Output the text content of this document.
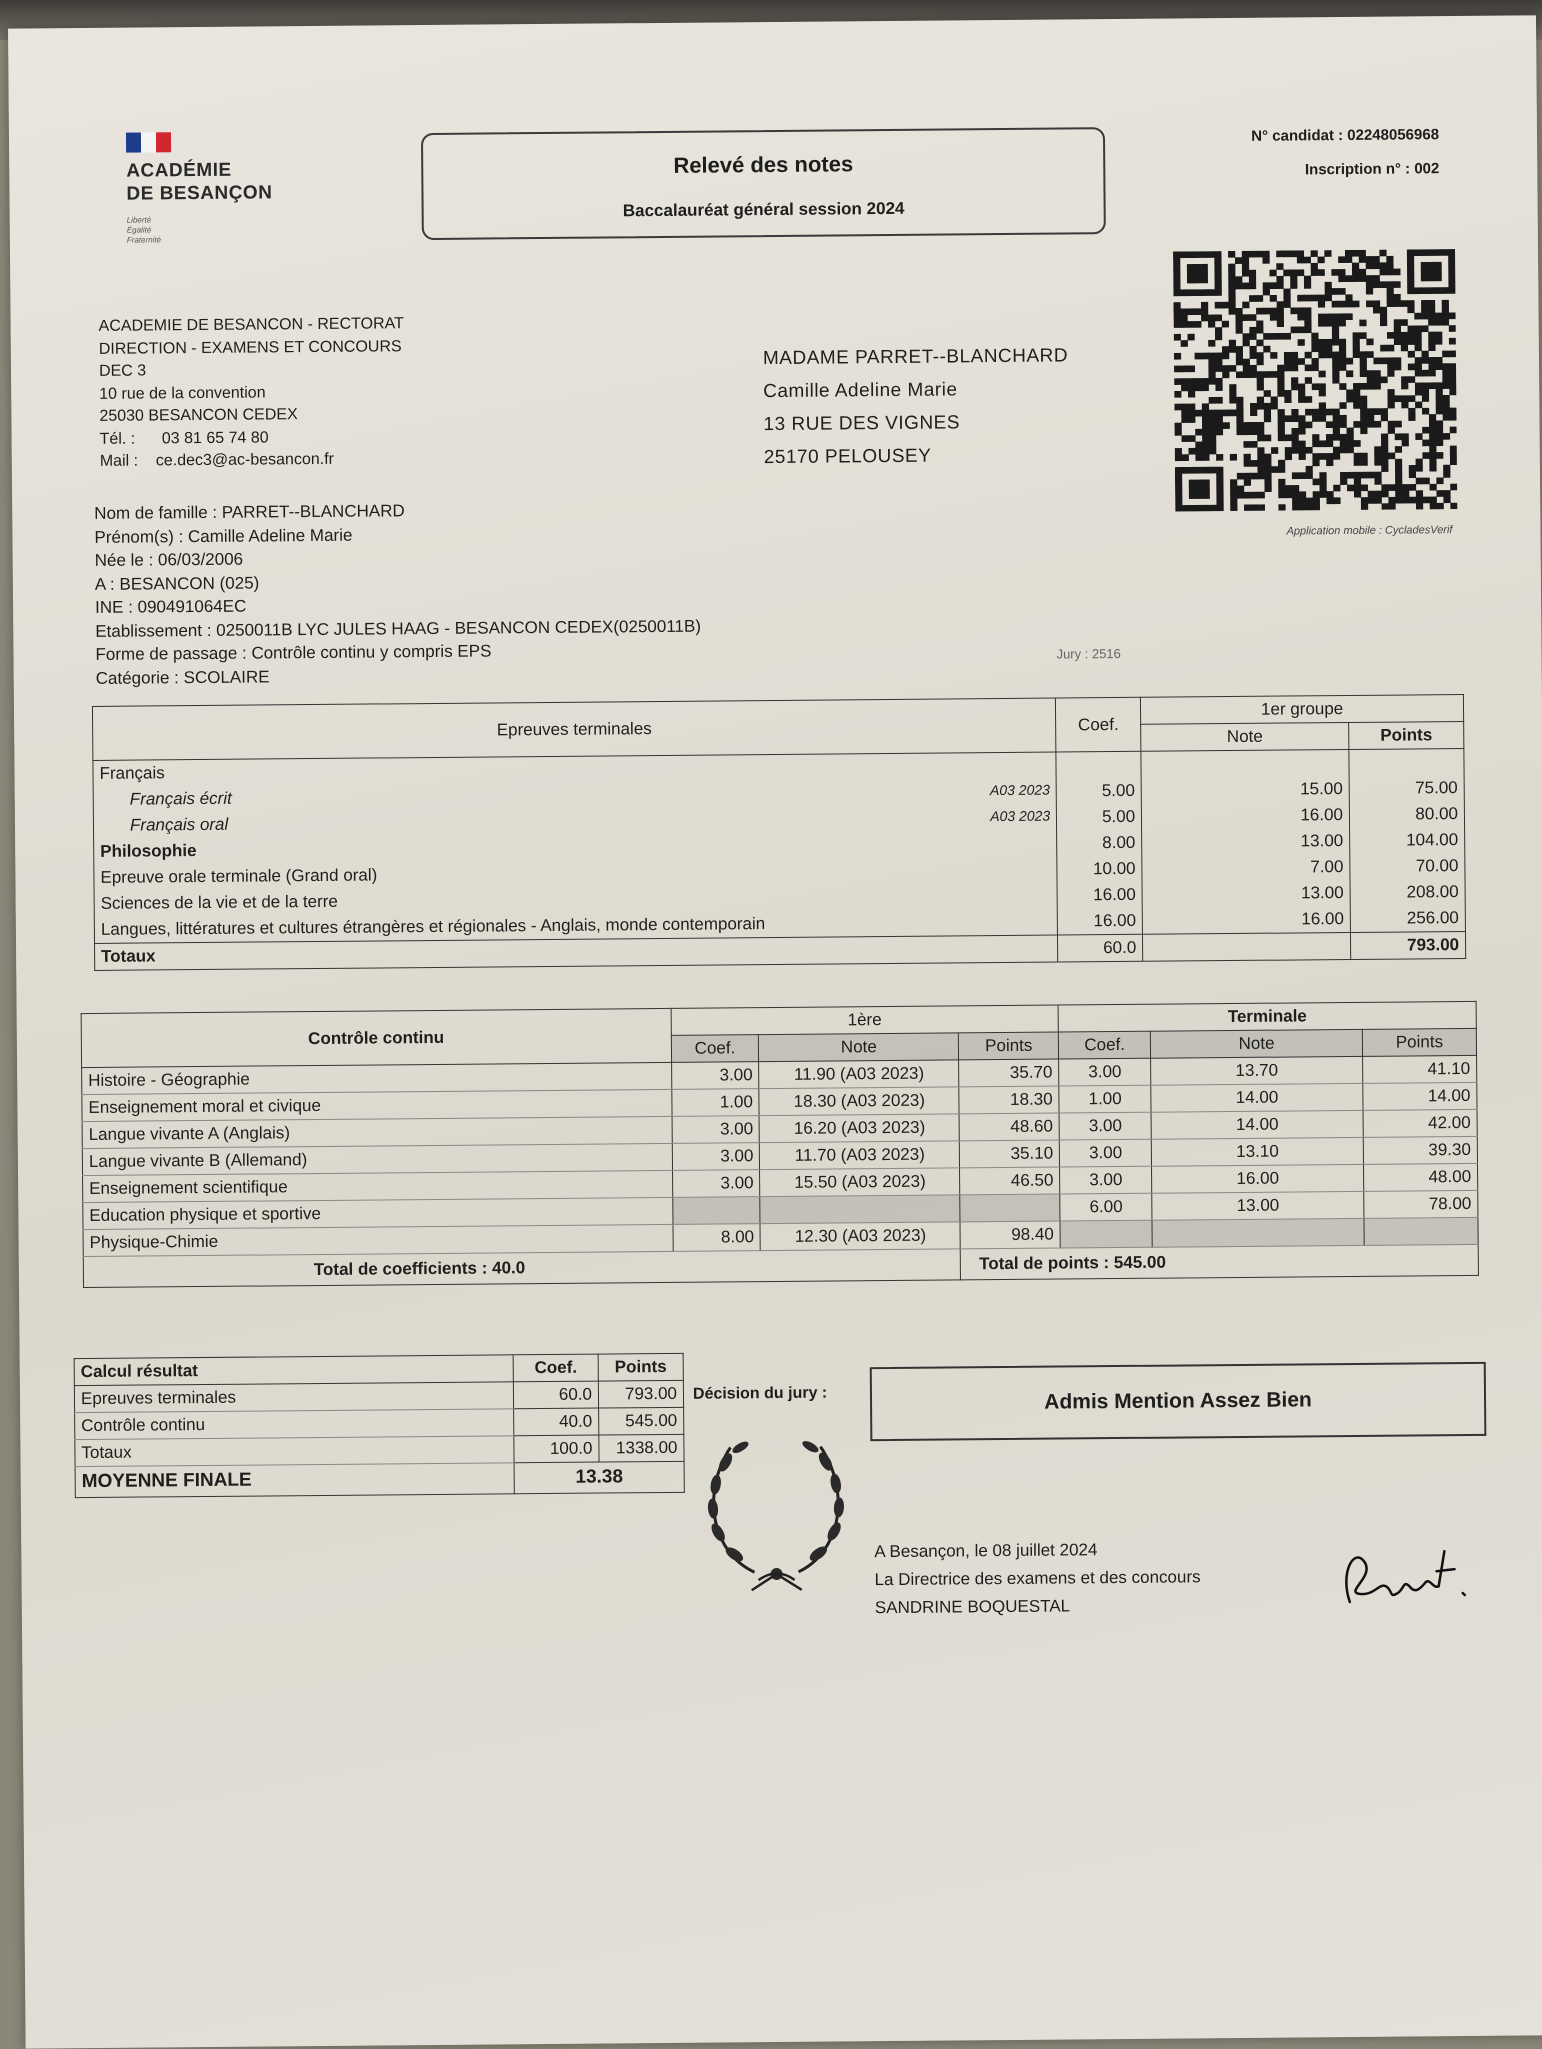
ACADÉMIE
DE BESANÇON
Liberté
Égalité
Fraternité
Relevé des notes
Baccalauréat général session 2024
N° candidat : 02248056968
Inscription n° : 002
Application mobile : CycladesVerif
ACADEMIE DE BESANCON - RECTORAT
DIRECTION - EXAMENS ET CONCOURS
DEC 3
10 rue de la convention
25030 BESANCON CEDEX
Tél. :      03 81 65 74 80
Mail :    ce.dec3@ac-besancon.fr
MADAME PARRET--BLANCHARD
Camille Adeline Marie
13 RUE DES VIGNES
25170 PELOUSEY
Nom de famille : PARRET--BLANCHARD
Prénom(s) : Camille Adeline Marie
Née le : 06/03/2006
A : BESANCON (025)
INE : 090491064EC
Etablissement : 0250011B LYC JULES HAAG - BESANCON CEDEX(0250011B)
Forme de passage : Contrôle continu y compris EPS
Catégorie : SCOLAIRE
Jury : 2516
Epreuves terminales	Coef.	1er groupe	
		Note	Points
Français

Français écrit A03 2023	5.00	15.00	75.00
Français oral A03 2023	5.00	16.00	80.00
Philosophie	8.00	13.00	104.00
Epreuve orale terminale (Grand oral)	10.00	7.00	70.00
Sciences de la vie et de la terre	16.00	13.00	208.00
Langues, littératures et cultures étrangères et régionales - Anglais, monde contemporain	16.00	16.00	256.00
Totaux	60.0		793.00
Contrôle continu	1ère			Terminale		
	Coef.	Note	Points	Coef.	Note	Points
Histoire - Géographie	3.00	11.90 (A03 2023)	35.70	3.00	13.70	41.10
Enseignement moral et civique	1.00	18.30 (A03 2023)	18.30	1.00	14.00	14.00
Langue vivante A (Anglais)	3.00	16.20 (A03 2023)	48.60	3.00	14.00	42.00
Langue vivante B (Allemand)	3.00	11.70 (A03 2023)	35.10	3.00	13.10	39.30
Enseignement scientifique	3.00	15.50 (A03 2023)	46.50	3.00	16.00	48.00
Education physique et sportive				6.00	13.00	78.00
Physique-Chimie	8.00	12.30 (A03 2023)	98.40			
Total de coefficients : 40.0			Total de points : 545.00			
Calcul résultat	Coef.	Points
Epreuves terminales	60.0	793.00
Contrôle continu	40.0	545.00
Totaux	100.0	1338.00
MOYENNE FINALE	13.38	
Décision du jury :	Admis Mention Assez Bien
A Besançon, le 08 juillet 2024
La Directrice des examens et des concours
SANDRINE BOQUESTAL
